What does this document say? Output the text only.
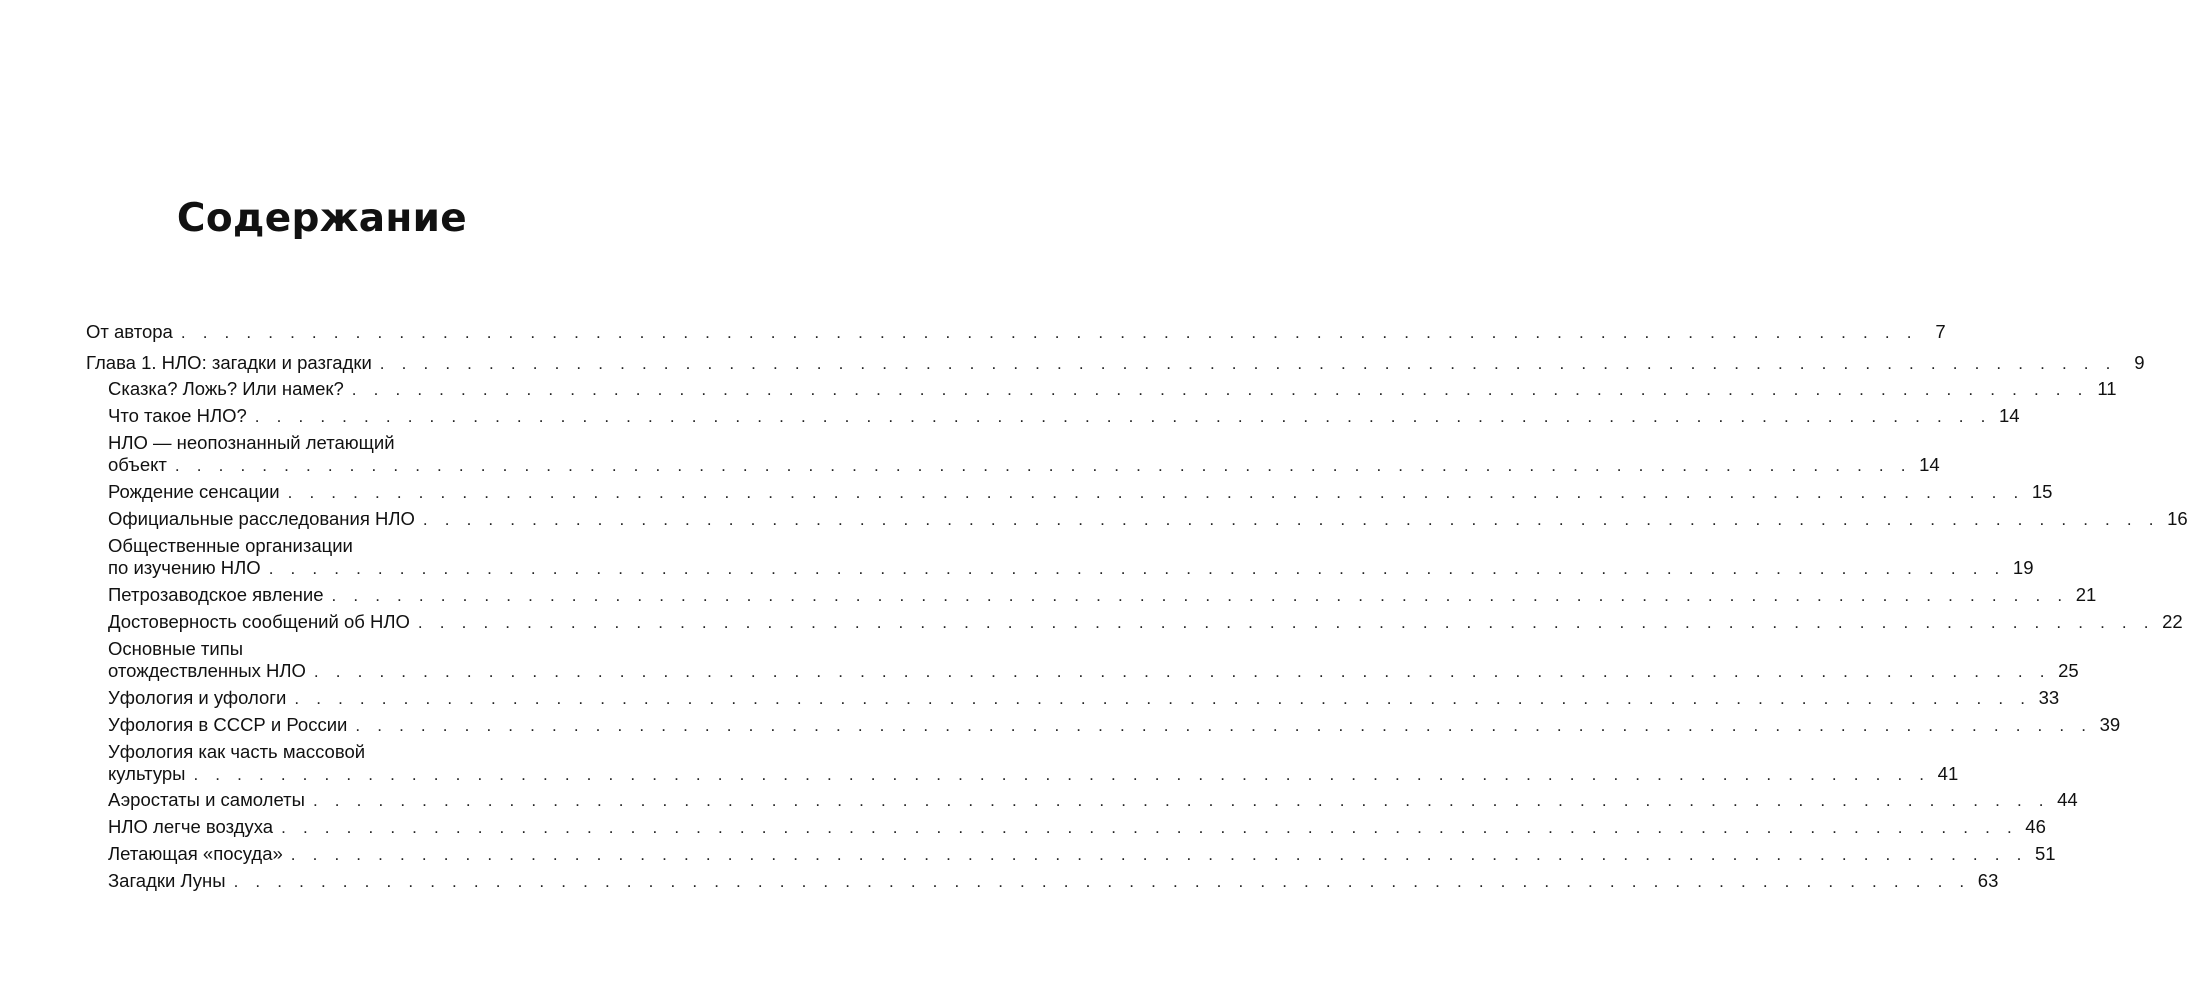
Содержание
От автора . . . . . . . . . . . . . . . . . . . . . . . . . . . . . . . . . . . . . . . . . . . . . . . . . . . . . . . . . . . . . . . . . . . . . . . . . . . . . . . . 7
Глава 1. НЛО: загадки и разгадки . . . . . . . . . . . . . . . . . . . . . . . . . . . . . . . . . . . . . . . . . . . . . . . . . . . . . . . . . . . . . . . . . . . . . . . . . . . . . . . . 9
Сказка? Ложь? Или намек? . . . . . . . . . . . . . . . . . . . . . . . . . . . . . . . . . . . . . . . . . . . . . . . . . . . . . . . . . . . . . . . . . . . . . . . . . . . . . . . . 11
Что такое НЛО? . . . . . . . . . . . . . . . . . . . . . . . . . . . . . . . . . . . . . . . . . . . . . . . . . . . . . . . . . . . . . . . . . . . . . . . . . . . . . . . . 14
НЛО — неопознанный летающий
объект . . . . . . . . . . . . . . . . . . . . . . . . . . . . . . . . . . . . . . . . . . . . . . . . . . . . . . . . . . . . . . . . . . . . . . . . . . . . . . . . 14
Рождение сенсации . . . . . . . . . . . . . . . . . . . . . . . . . . . . . . . . . . . . . . . . . . . . . . . . . . . . . . . . . . . . . . . . . . . . . . . . . . . . . . . . 15
Официальные расследования НЛО . . . . . . . . . . . . . . . . . . . . . . . . . . . . . . . . . . . . . . . . . . . . . . . . . . . . . . . . . . . . . . . . . . . . . . . . . . . . . . . . 16
Общественные организации
по изучению НЛО . . . . . . . . . . . . . . . . . . . . . . . . . . . . . . . . . . . . . . . . . . . . . . . . . . . . . . . . . . . . . . . . . . . . . . . . . . . . . . . . 19
Петрозаводское явление . . . . . . . . . . . . . . . . . . . . . . . . . . . . . . . . . . . . . . . . . . . . . . . . . . . . . . . . . . . . . . . . . . . . . . . . . . . . . . . . 21
Достоверность сообщений об НЛО . . . . . . . . . . . . . . . . . . . . . . . . . . . . . . . . . . . . . . . . . . . . . . . . . . . . . . . . . . . . . . . . . . . . . . . . . . . . . . . . 22
Основные типы
отождествленных НЛО . . . . . . . . . . . . . . . . . . . . . . . . . . . . . . . . . . . . . . . . . . . . . . . . . . . . . . . . . . . . . . . . . . . . . . . . . . . . . . . . 25
Уфология и уфологи . . . . . . . . . . . . . . . . . . . . . . . . . . . . . . . . . . . . . . . . . . . . . . . . . . . . . . . . . . . . . . . . . . . . . . . . . . . . . . . . 33
Уфология в СССР и России . . . . . . . . . . . . . . . . . . . . . . . . . . . . . . . . . . . . . . . . . . . . . . . . . . . . . . . . . . . . . . . . . . . . . . . . . . . . . . . . 39
Уфология как часть массовой
культуры . . . . . . . . . . . . . . . . . . . . . . . . . . . . . . . . . . . . . . . . . . . . . . . . . . . . . . . . . . . . . . . . . . . . . . . . . . . . . . . . 41
Аэростаты и самолеты . . . . . . . . . . . . . . . . . . . . . . . . . . . . . . . . . . . . . . . . . . . . . . . . . . . . . . . . . . . . . . . . . . . . . . . . . . . . . . . . 44
НЛО легче воздуха . . . . . . . . . . . . . . . . . . . . . . . . . . . . . . . . . . . . . . . . . . . . . . . . . . . . . . . . . . . . . . . . . . . . . . . . . . . . . . . . 46
Летающая «посуда» . . . . . . . . . . . . . . . . . . . . . . . . . . . . . . . . . . . . . . . . . . . . . . . . . . . . . . . . . . . . . . . . . . . . . . . . . . . . . . . . 51
Загадки Луны . . . . . . . . . . . . . . . . . . . . . . . . . . . . . . . . . . . . . . . . . . . . . . . . . . . . . . . . . . . . . . . . . . . . . . . . . . . . . . . . 63
